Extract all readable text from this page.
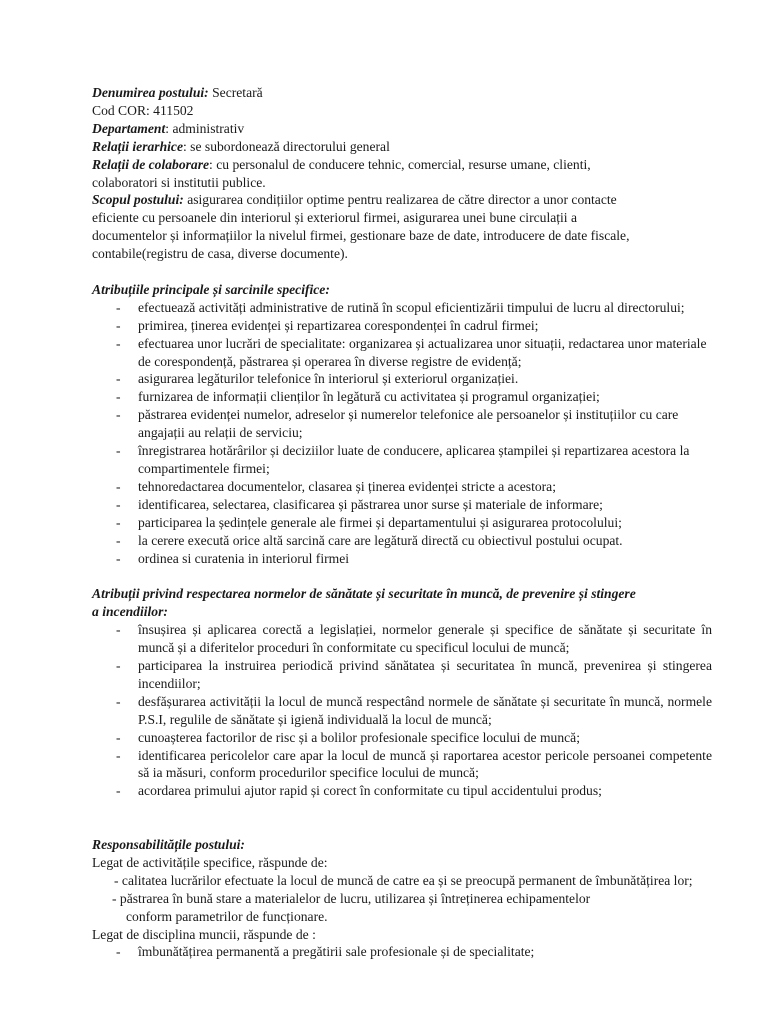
Denumirea postului: Secretară
Cod COR: 411502
Departament: administrativ
Relații ierarhice: se subordonează directorului general
Relații de colaborare: cu personalul de conducere tehnic, comercial, resurse umane, clienti,
colaboratori si institutii publice.
Scopul postului: asigurarea condițiilor optime pentru realizarea de către director a unor contacte
eficiente cu persoanele din interiorul și exteriorul firmei, asigurarea unei bune circulații a
documentelor și informațiilor la nivelul firmei, gestionare baze de date, introducere de date fiscale,
contabile(registru de casa, diverse documente).
Atribuțiile principale și sarcinile specifice:
- efectuează activități administrative de rutină în scopul eficientizării timpului de lucru al directorului;
- primirea, ținerea evidenței și repartizarea corespondenței în cadrul firmei;
- efectuarea unor lucrări de specialitate: organizarea și actualizarea unor situații, redactarea unor materiale de corespondență, păstrarea și operarea în diverse registre de evidență;
- asigurarea legăturilor telefonice în interiorul și exteriorul organizației.
- furnizarea de informații clienților în legătură cu activitatea și programul organizației;
- păstrarea evidenței numelor, adreselor și numerelor telefonice ale persoanelor și instituțiilor cu care angajații au relații de serviciu;
- înregistrarea hotărârilor și deciziilor luate de conducere, aplicarea ștampilei și repartizarea acestora la compartimentele firmei;
- tehnoredactarea documentelor, clasarea și ținerea evidenței stricte a acestora;
- identificarea, selectarea, clasificarea și păstrarea unor surse și materiale de informare;
- participarea la ședințele generale ale firmei și departamentului și asigurarea protocolului;
- la cerere execută orice altă sarcină care are legătură directă cu obiectivul postului ocupat.
- ordinea si curatenia in interiorul firmei
Atribuții privind respectarea normelor de sănătate și securitate în muncă, de prevenire și stingere
a incendiilor:
- însușirea și aplicarea corectă a legislației, normelor generale și specifice de sănătate și securitate în muncă și a diferitelor proceduri în conformitate cu specificul locului de muncă;
- participarea la instruirea periodică privind sănătatea și securitatea în muncă, prevenirea și stingerea incendiilor;
- desfășurarea activității la locul de muncă respectând normele de sănătate și securitate în muncă, normele P.S.I, regulile de sănătate și igienă individuală la locul de muncă;
- cunoașterea factorilor de risc și a bolilor profesionale specifice locului de muncă;
- identificarea pericolelor care apar la locul de muncă și raportarea acestor pericole persoanei competente să ia măsuri, conform procedurilor specifice locului de muncă;
- acordarea primului ajutor rapid și corect în conformitate cu tipul accidentului produs;
Responsabilitățile postului:
Legat de activitățile specifice, răspunde de:
- calitatea lucrărilor efectuate la locul de muncă de catre ea și se preocupă permanent de îmbunătățirea lor;
- păstrarea în bună stare a materialelor de lucru, utilizarea și întreținerea echipamentelor
conform parametrilor de funcționare.
Legat de disciplina muncii, răspunde de :
- îmbunătățirea permanentă a pregătirii sale profesionale și de specialitate;
